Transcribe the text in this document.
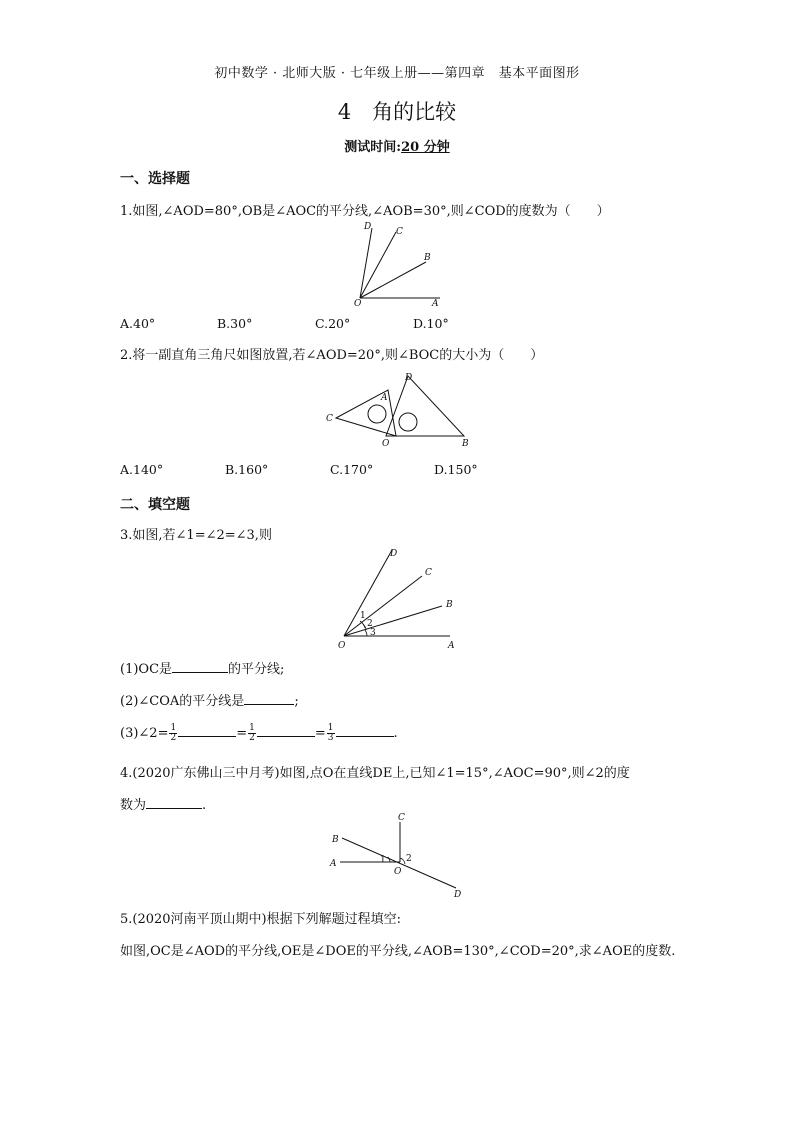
初中数学 · 北师大版 · 七年级上册——第四章　基本平面图形
4　角的比较
测试时间:20 分钟
一、选择题
1.如图,∠AOD=80°,OB是∠AOC的平分线,∠AOB=30°,则∠COD的度数为（　　）
D	C
B
O	A
A.40°	B.30°	C.20°	D.10°
2.将一副直角三角尺如图放置,若∠AOD=20°,则∠BOC的大小为（　　）
D
A
C
O	B
A.140°	B.160°	C.170°	D.150°
二、填空题
3.如图,若∠1=∠2=∠3,则
D
C
B
O	A
1
2
3
(1)OC是	的平分线;
(2)∠COA的平分线是	;
(3)∠2= $\frac{1}{2}$	= $\frac{1}{2}$	= $\frac{1}{3}$	.
4.(2020广东佛山三中月考)如图,点O在直线DE上,已知∠1=15°,∠AOC=90°,则∠2的度
数为	.
B
C
A
O
D
1 2
5.(2020河南平顶山期中)根据下列解题过程填空:
如图,OC是∠AOD的平分线,OE是∠DOE的平分线,∠AOB=130°,∠COD=20°,求∠AOE的度数.
